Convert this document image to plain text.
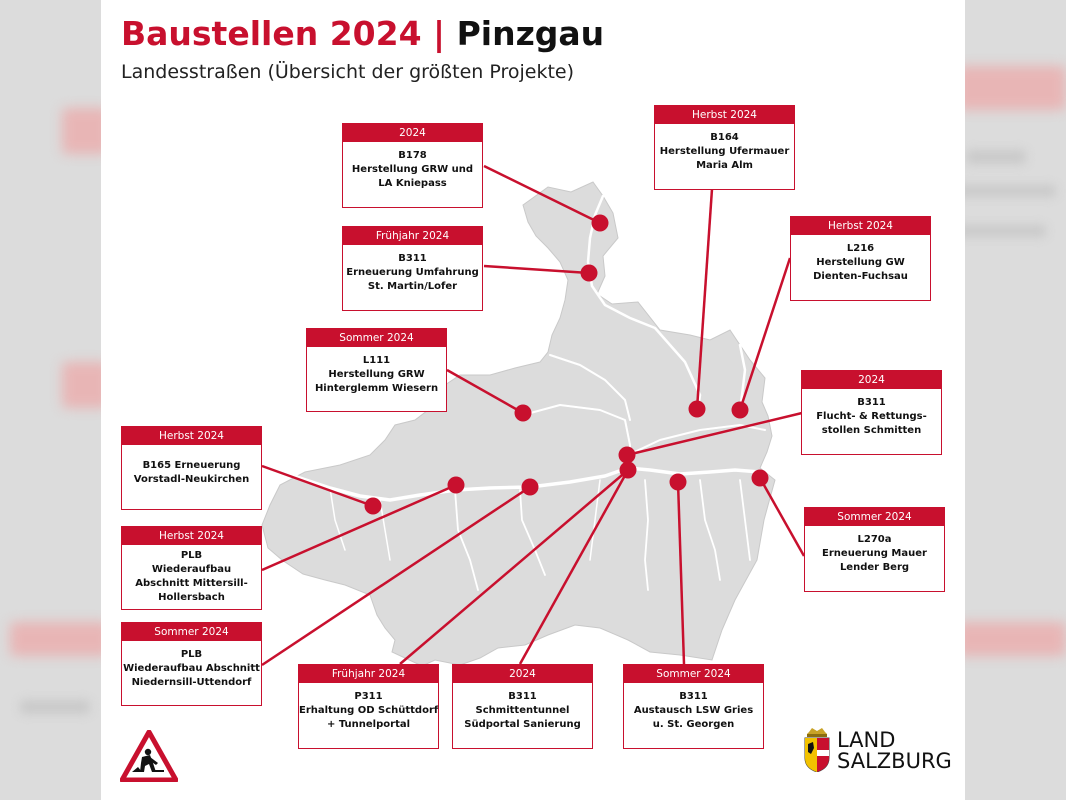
Baustellen 2024 | Pinzgau
Landesstraßen (Übersicht der größten Projekte)
2024
B178
Herstellung GRW und
LA Kniepass
Herbst 2024
B164
Herstellung Ufermauer
Maria Alm
Frühjahr 2024
B311
Erneuerung Umfahrung
St. Martin/Lofer
Herbst 2024
L216
Herstellung GW
Dienten-Fuchsau
Sommer 2024
L111
Herstellung GRW
Hinterglemm Wiesern
2024
B311
Flucht- & Rettungs-
stollen Schmitten
Herbst 2024
B165 Erneuerung
Vorstadl-Neukirchen
Herbst 2024
PLB
Wiederaufbau
Abschnitt Mittersill-
Hollersbach
Sommer 2024
L270a
Erneuerung Mauer
Lender Berg
Sommer 2024
PLB
Wiederaufbau Abschnitt
Niedernsill-Uttendorf
Frühjahr 2024
P311
Erhaltung OD Schüttdorf
+ Tunnelportal
2024
B311
Schmittentunnel
Südportal Sanierung
Sommer 2024
B311
Austausch LSW Gries
u. St. Georgen
LAND
SALZBURG
